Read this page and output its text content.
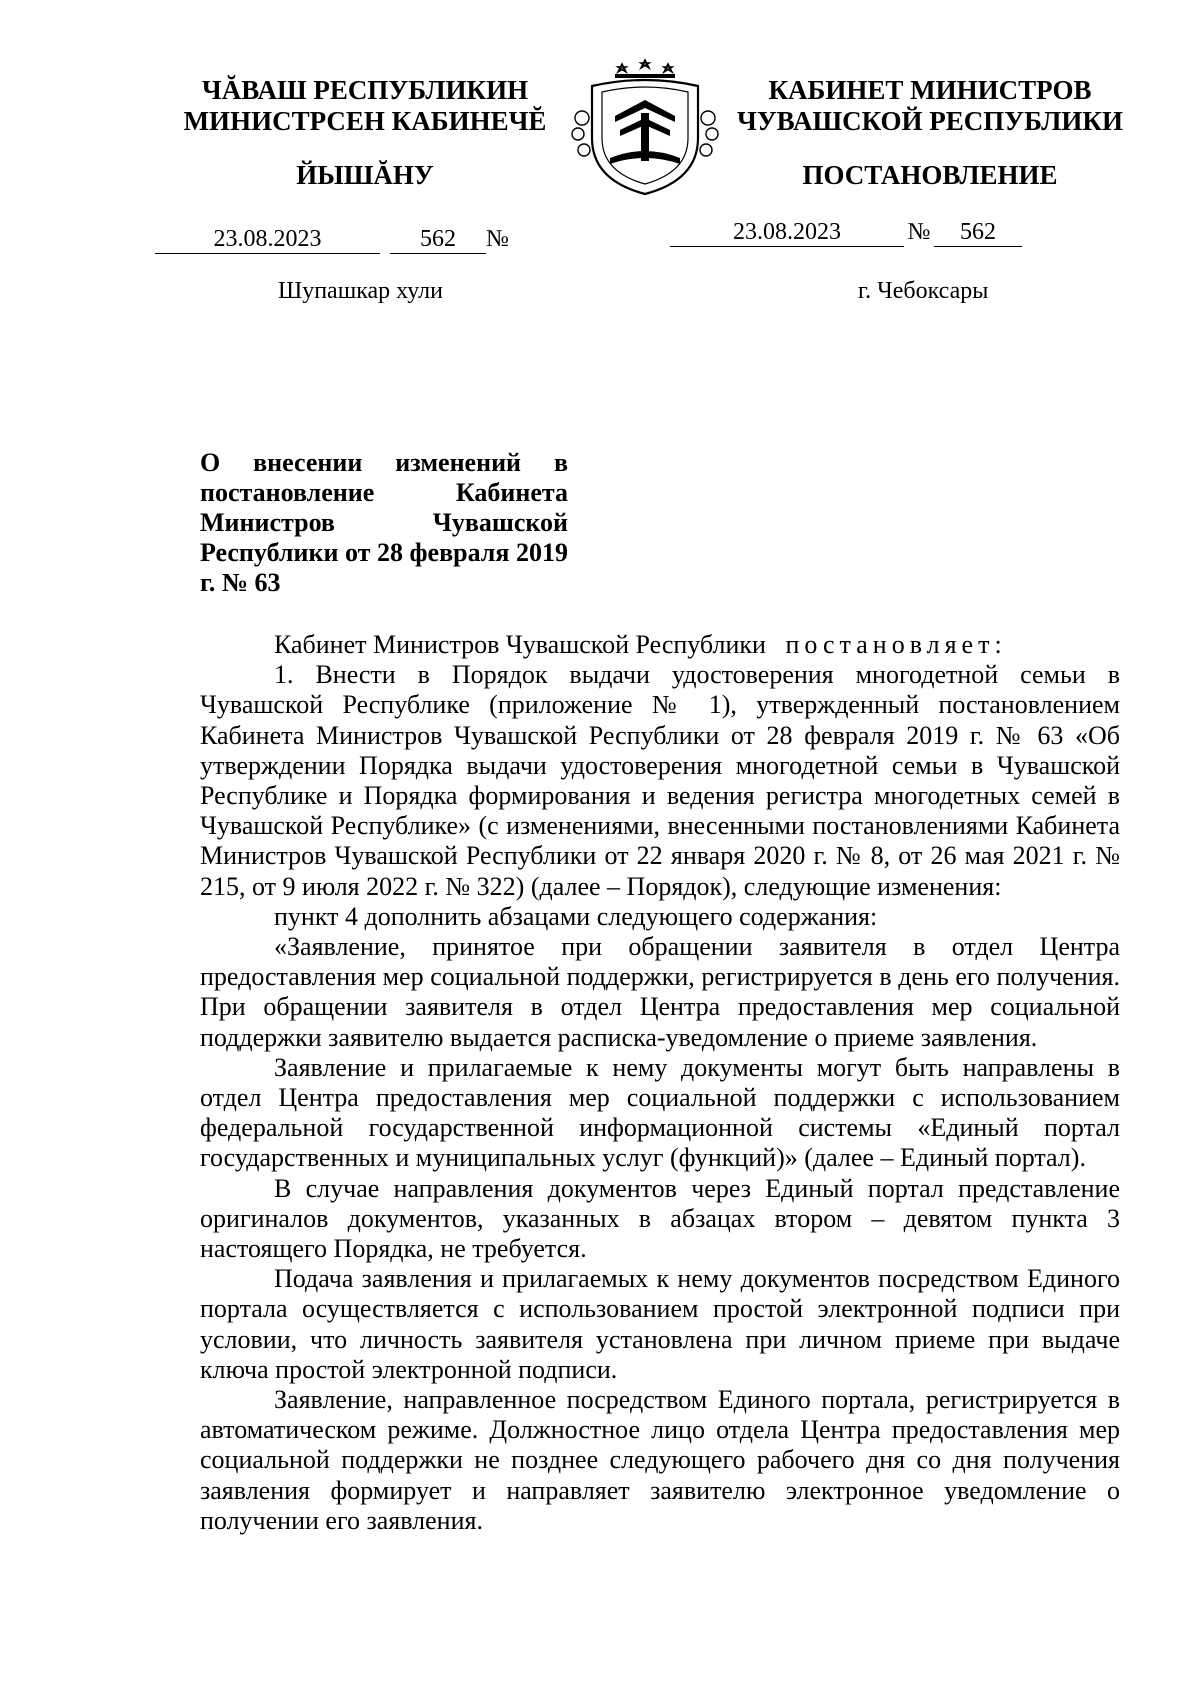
ЧĂВАШ РЕСПУБЛИКИН
МИНИСТРСЕН КАБИНЕЧĔ
КАБИНЕТ МИНИСТРОВ
ЧУВАШСКОЙ РЕСПУБЛИКИ
ЙЫШĂНУ	ПОСТАНОВЛЕНИЕ
23.08.2023	562 №	23.08.2023	№ 562
Шупашкар хули	г. Чебоксары
О внесении изменений в постановление Кабинета Министров Чувашской Республики от 28 февраля 2019 г. № 63

Кабинет Министров Чувашской Республики постановляет:

1. Внести в Порядок выдачи удостоверения многодетной семьи в Чувашской Республике (приложение № 1), утвержденный постановлением Кабинета Министров Чувашской Республики от 28 февраля 2019 г. № 63 «Об утверждении Порядка выдачи удостоверения многодетной семьи в Чувашской Республике и Порядка формирования и ведения регистра многодетных семей в Чувашской Республике» (с изменениями, внесенными постановлениями Кабинета Министров Чувашской Республики от 22 января 2020 г. № 8, от 26 мая 2021 г. № 215, от 9 июля 2022 г. № 322) (далее – Порядок), следующие изменения:

пункт 4 дополнить абзацами следующего содержания:

«Заявление, принятое при обращении заявителя в отдел Центра предоставления мер социальной поддержки, регистрируется в день его получения. При обращении заявителя в отдел Центра предоставления мер социальной поддержки заявителю выдается расписка-уведомление о приеме заявления.

Заявление и прилагаемые к нему документы могут быть направлены в отдел Центра предоставления мер социальной поддержки с использованием федеральной государственной информационной системы «Единый портал государственных и муниципальных услуг (функций)» (далее – Единый портал).

В случае направления документов через Единый портал представление оригиналов документов, указанных в абзацах втором – девятом пункта 3 настоящего Порядка, не требуется.

Подача заявления и прилагаемых к нему документов посредством Единого портала осуществляется с использованием простой электронной подписи при условии, что личность заявителя установлена при личном приеме при выдаче ключа простой электронной подписи.

Заявление, направленное посредством Единого портала, регистрируется в автоматическом режиме. Должностное лицо отдела Центра предоставления мер социальной поддержки не позднее следующего рабочего дня со дня получения заявления формирует и направляет заявителю электронное уведомление о получении его заявления.
